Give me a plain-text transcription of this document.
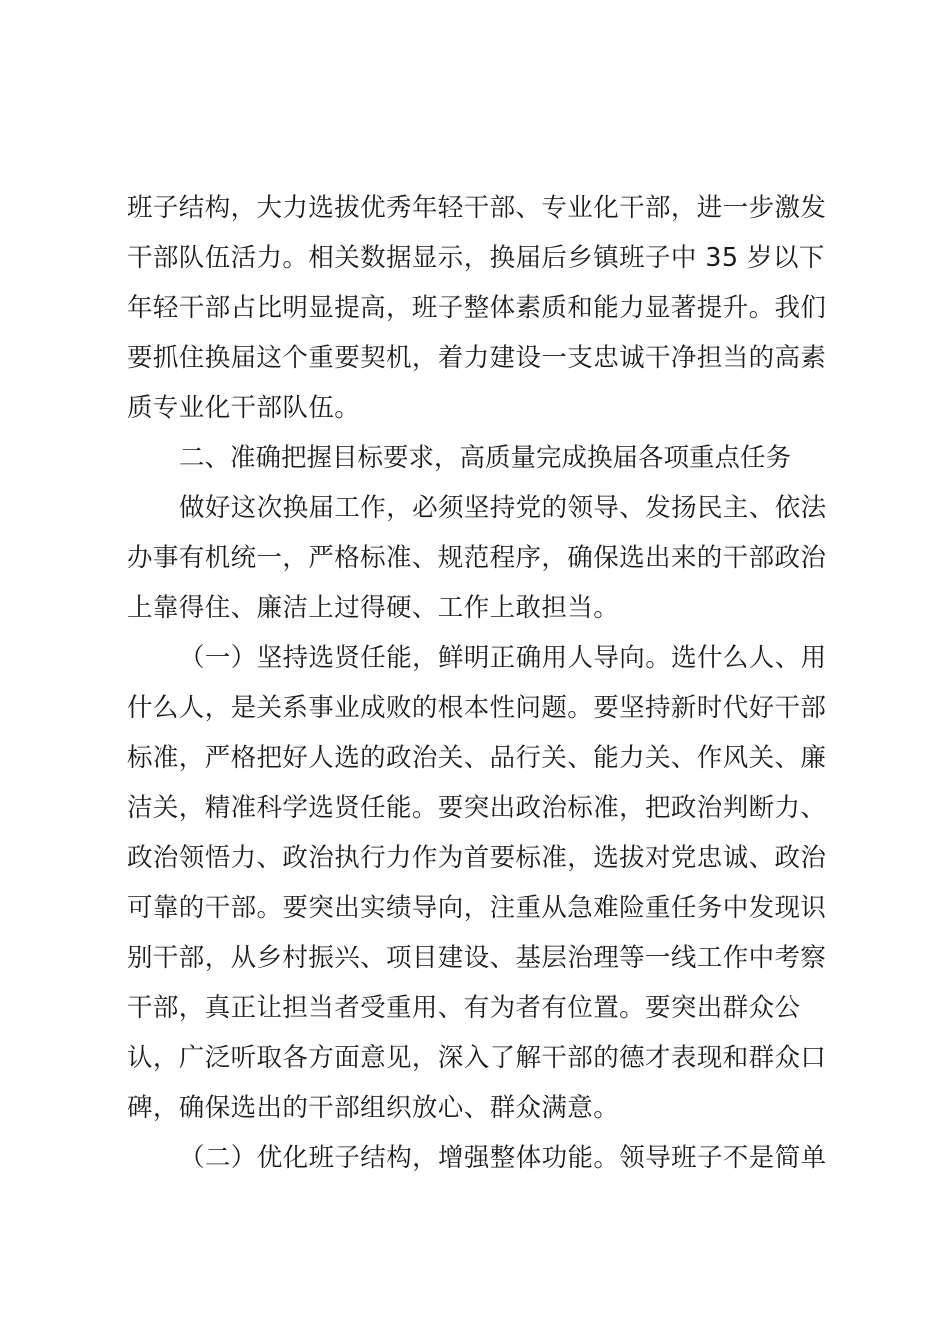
班子结构，大力选拔优秀年轻干部、专业化干部，进一步激发
干部队伍活力。相关数据显示，换届后乡镇班子中 35 岁以下
年轻干部占比明显提高，班子整体素质和能力显著提升。我们
要抓住换届这个重要契机，着力建设一支忠诚干净担当的高素
质专业化干部队伍。
二、准确把握目标要求，高质量完成换届各项重点任务
做好这次换届工作，必须坚持党的领导、发扬民主、依法
办事有机统一，严格标准、规范程序，确保选出来的干部政治
上靠得住、廉洁上过得硬、工作上敢担当。
（一）坚持选贤任能，鲜明正确用人导向。选什么人、用
什么人，是关系事业成败的根本性问题。要坚持新时代好干部
标准，严格把好人选的政治关、品行关、能力关、作风关、廉
洁关，精准科学选贤任能。要突出政治标准，把政治判断力、
政治领悟力、政治执行力作为首要标准，选拔对党忠诚、政治
可靠的干部。要突出实绩导向，注重从急难险重任务中发现识
别干部，从乡村振兴、项目建设、基层治理等一线工作中考察
干部，真正让担当者受重用、有为者有位置。要突出群众公
认，广泛听取各方面意见，深入了解干部的德才表现和群众口
碑，确保选出的干部组织放心、群众满意。
（二）优化班子结构，增强整体功能。领导班子不是简单
